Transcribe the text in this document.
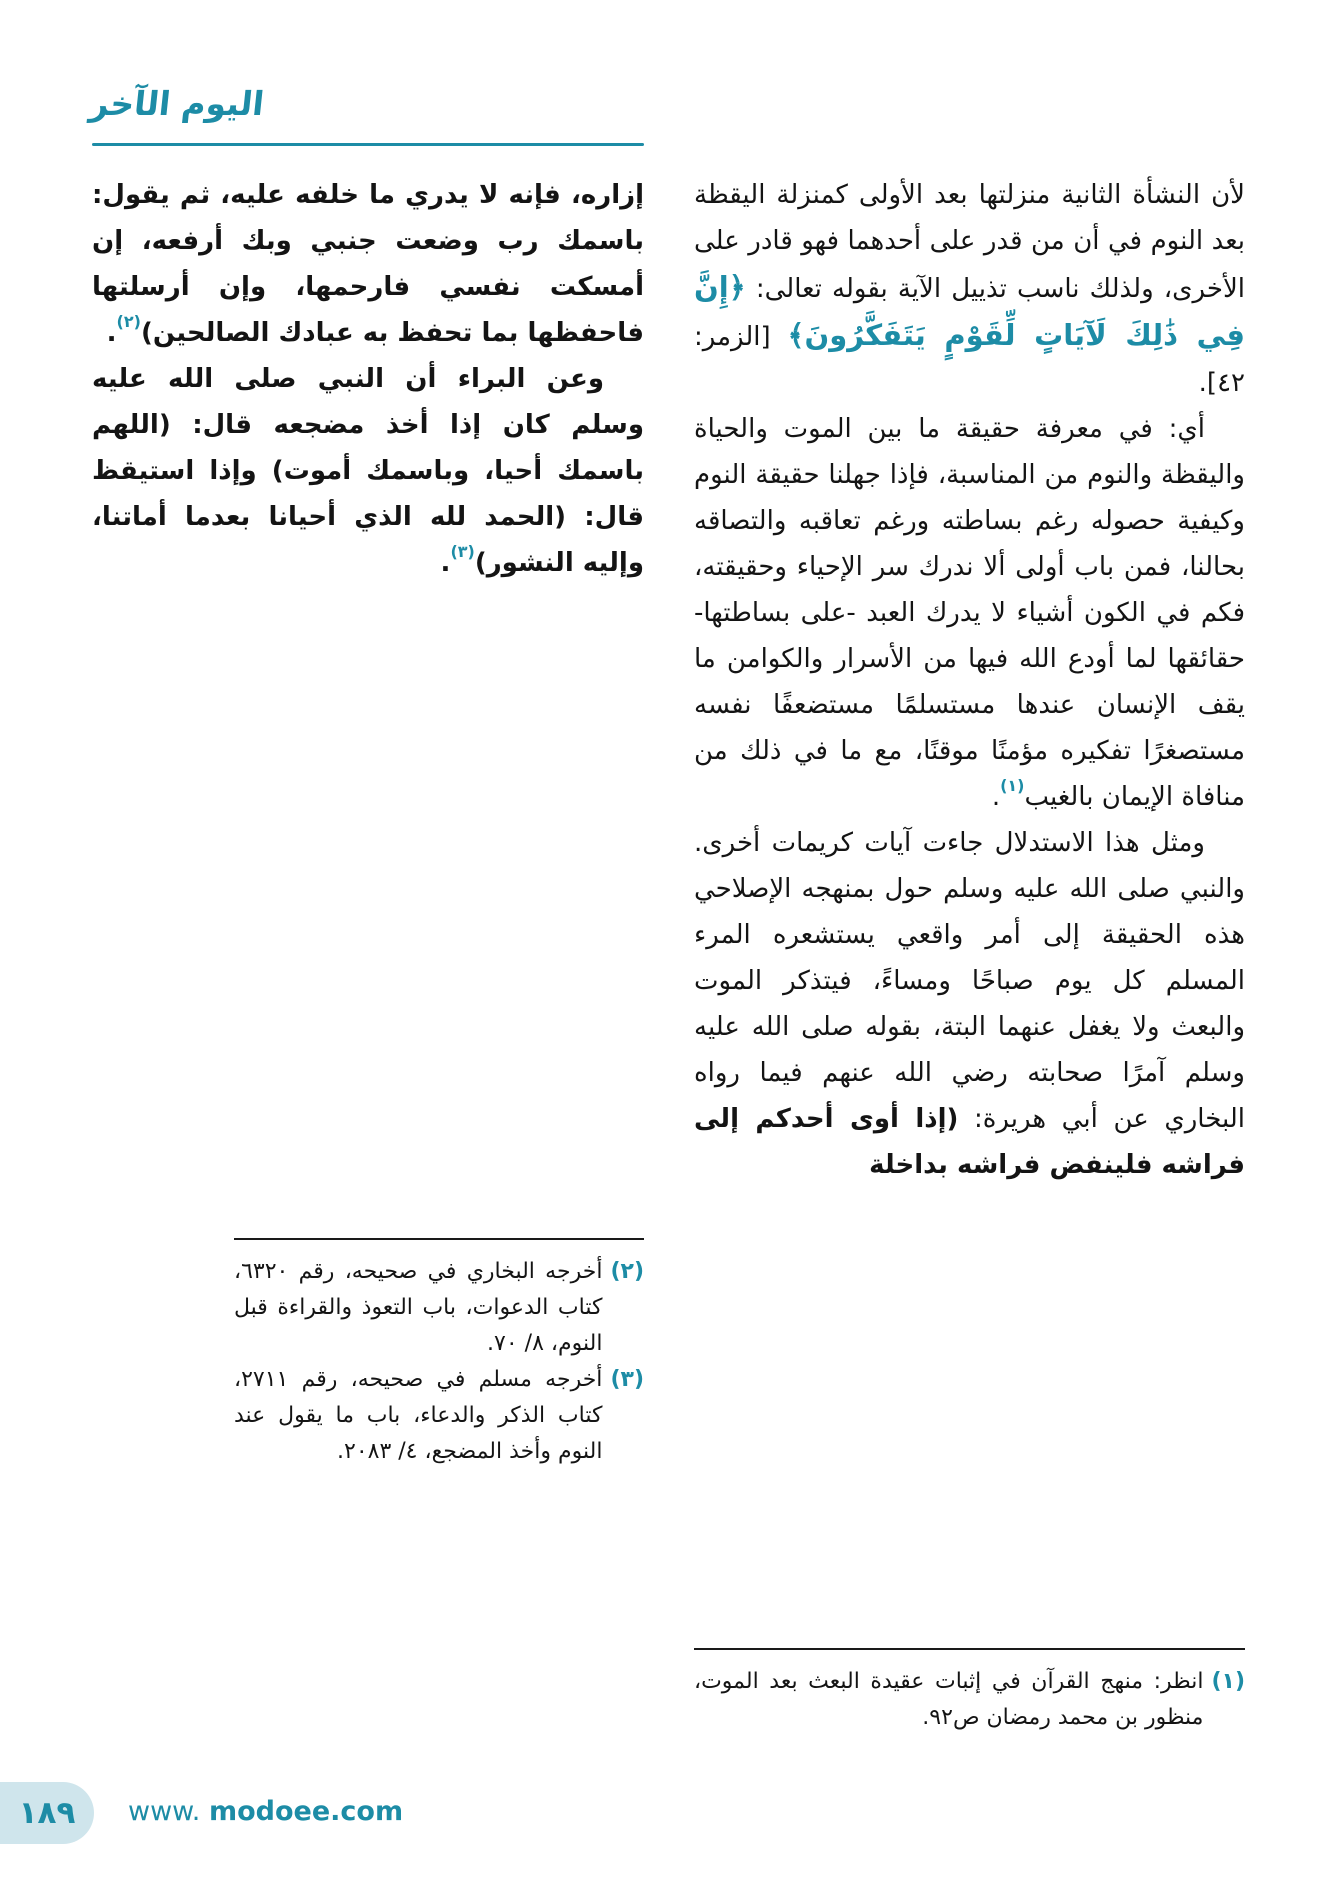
اليوم الآخر

لأن النشأة الثانية منزلتها بعد الأولى كمنزلة اليقظة بعد النوم في أن من قدر على أحدهما فهو قادر على الأخرى، ولذلك ناسب تذييل الآية بقوله تعالى: ﴿إِنَّ فِي ذَٰلِكَ لَآيَاتٍ لِّقَوْمٍ يَتَفَكَّرُونَ﴾ [الزمر: ٤٢].

أي: في معرفة حقيقة ما بين الموت والحياة واليقظة والنوم من المناسبة، فإذا جهلنا حقيقة النوم وكيفية حصوله رغم بساطته ورغم تعاقبه والتصاقه بحالنا، فمن باب أولى ألا ندرك سر الإحياء وحقيقته، فكم في الكون أشياء لا يدرك العبد -على بساطتها- حقائقها لما أودع الله فيها من الأسرار والكوامن ما يقف الإنسان عندها مستسلمًا مستضعفًا نفسه مستصغرًا تفكيره مؤمنًا موقنًا، مع ما في ذلك من منافاة الإيمان بالغيب$^{(١)}$.

ومثل هذا الاستدلال جاءت آيات كريمات أخرى. والنبي صلى الله عليه وسلم حول بمنهجه الإصلاحي هذه الحقيقة إلى أمر واقعي يستشعره المرء المسلم كل يوم صباحًا ومساءً، فيتذكر الموت والبعث ولا يغفل عنهما البتة، بقوله صلى الله عليه وسلم آمرًا صحابته رضي الله عنهم فيما رواه البخاري عن أبي هريرة: (إذا أوى أحدكم إلى فراشه فلينفض فراشه بداخلة

إزاره، فإنه لا يدري ما خلفه عليه، ثم يقول: باسمك رب وضعت جنبي وبك أرفعه، إن أمسكت نفسي فارحمها، وإن أرسلتها فاحفظها بما تحفظ به عبادك الصالحين)$^{(٢)}$.

وعن البراء أن النبي صلى الله عليه وسلم كان إذا أخذ مضجعه قال: (اللهم باسمك أحيا، وباسمك أموت) وإذا استيقظ قال: (الحمد لله الذي أحيانا بعدما أماتنا، وإليه النشور)$^{(٣)}$.

(٢)
أخرجه البخاري في صحيحه، رقم ٦٣٢٠، كتاب الدعوات، باب التعوذ والقراءة قبل النوم، ٨/ ٧٠.
(٣)
أخرجه مسلم في صحيحه، رقم ٢٧١١، كتاب الذكر والدعاء، باب ما يقول عند النوم وأخذ المضجع، ٤/ ٢٠٨٣.
(١)
انظر: منهج القرآن في إثبات عقيدة البعث بعد الموت، منظور بن محمد رمضان ص٩٢.
١٨٩ www. modoee.com
